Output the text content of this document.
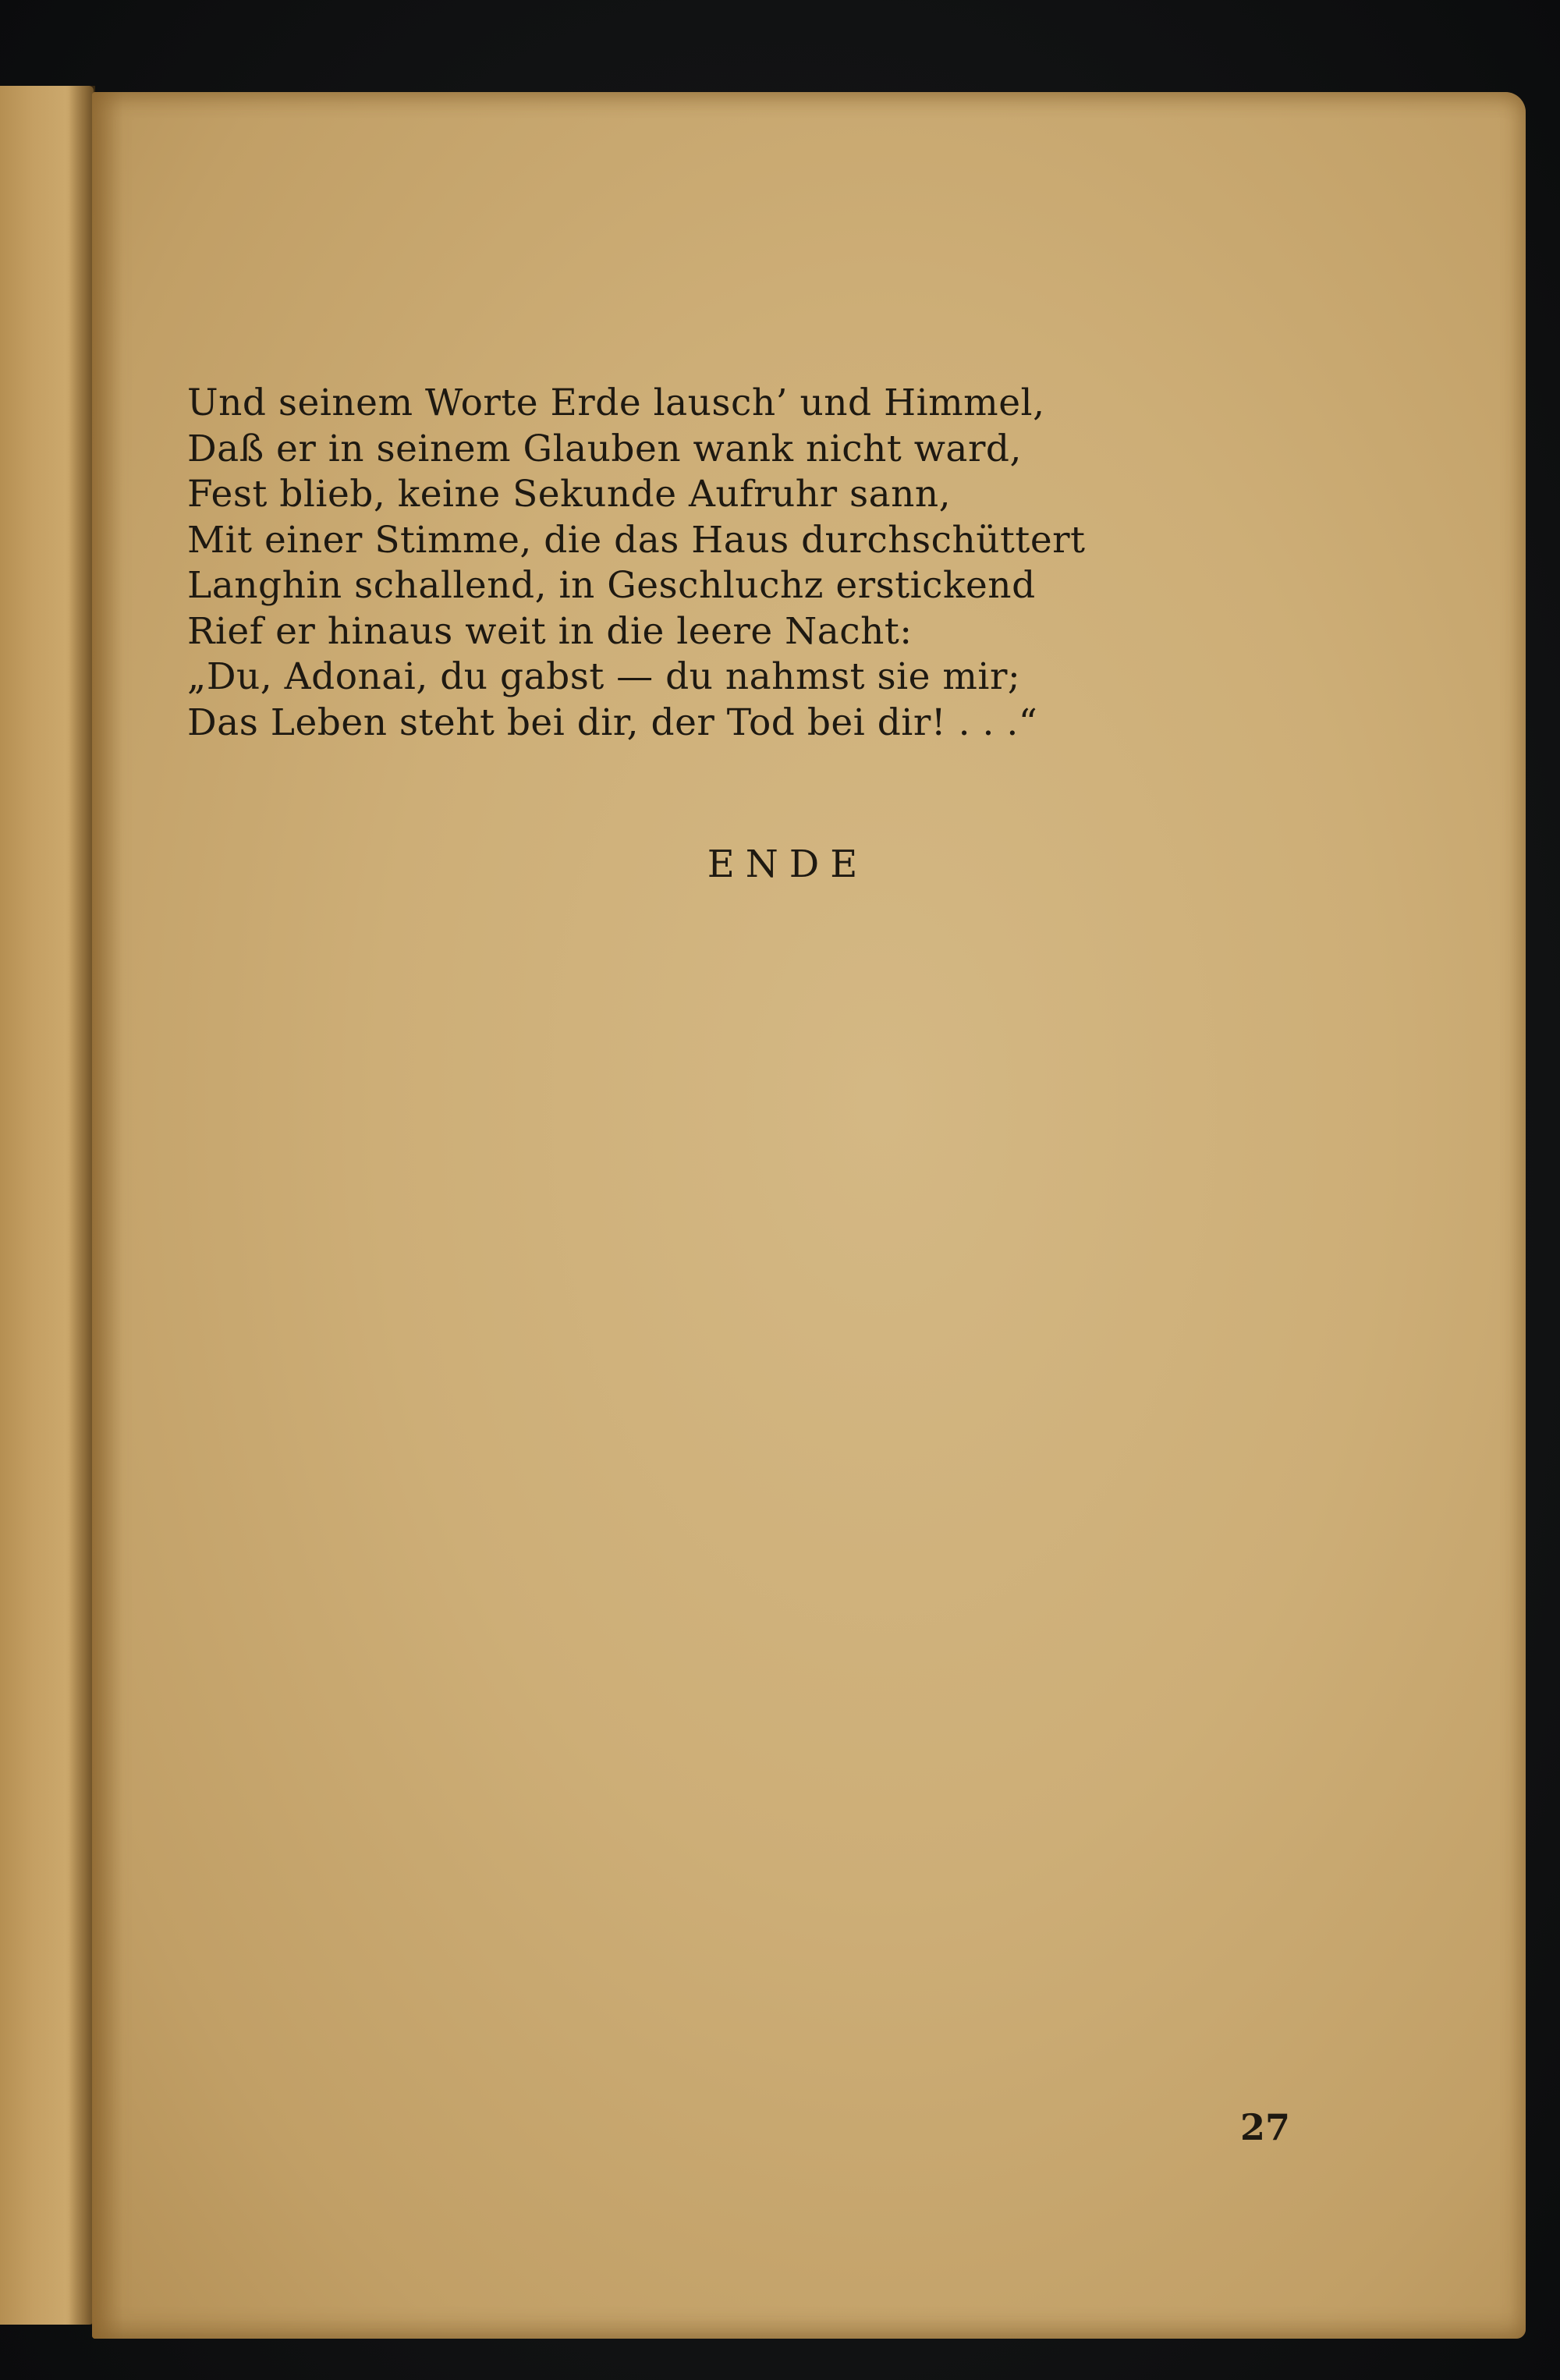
Und seinem Worte Erde lausch’ und Himmel,
Daß er in seinem Glauben wank nicht ward,
Fest blieb, keine Sekunde Aufruhr sann,
Mit einer Stimme, die das Haus durchschüttert
Langhin schallend, in Geschluchz erstickend
Rief er hinaus weit in die leere Nacht:
„Du, Adonai, du gabst — du nahmst sie mir;
Das Leben steht bei dir, der Tod bei dir! . . .“
ENDE
27
